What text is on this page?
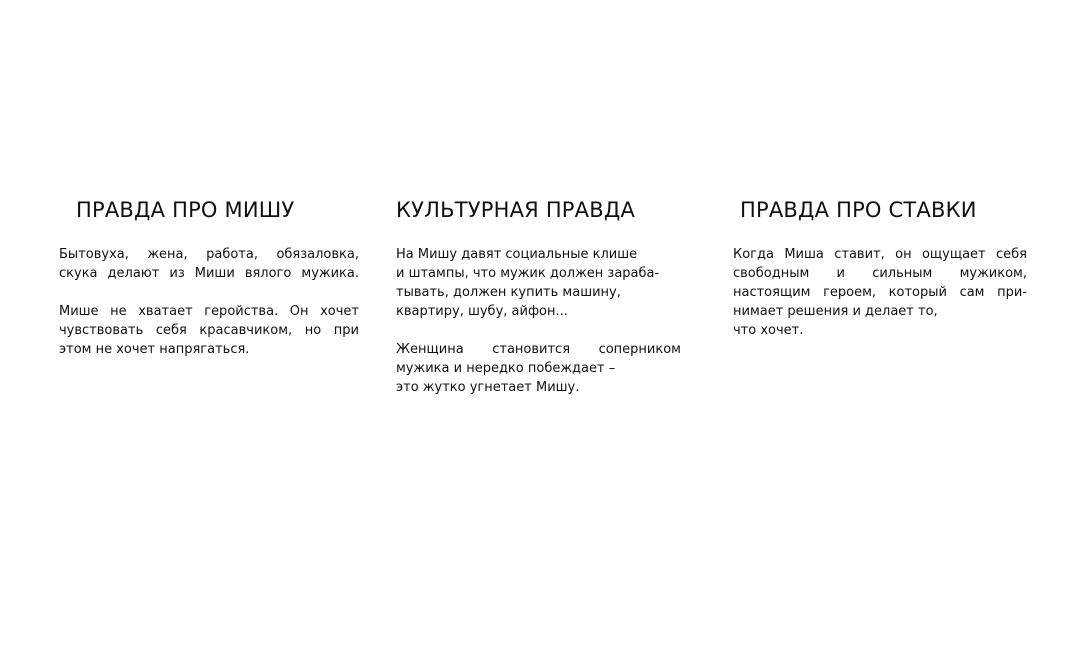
ПРАВДА ПРО МИШУ

Бытовуха, жена, работа, обязаловка,
скука делают из Миши вялого мужика.

Мише не хватает геройства. Он хочет
чувствовать себя красавчиком, но при
этом не хочет напрягаться.

КУЛЬТУРНАЯ ПРАВДА

На Мишу давят социальные клише
и штампы, что мужик должен зараба-
тывать, должен купить машину,
квартиру, шубу, айфон...

Женщина становится соперником
мужика и нередко побеждает –
это жутко угнетает Мишу.

ПРАВДА ПРО СТАВКИ

Когда Миша ставит, он ощущает себя
свободным и сильным мужиком,
настоящим героем, который сам при-
нимает решения и делает то,
что хочет.
